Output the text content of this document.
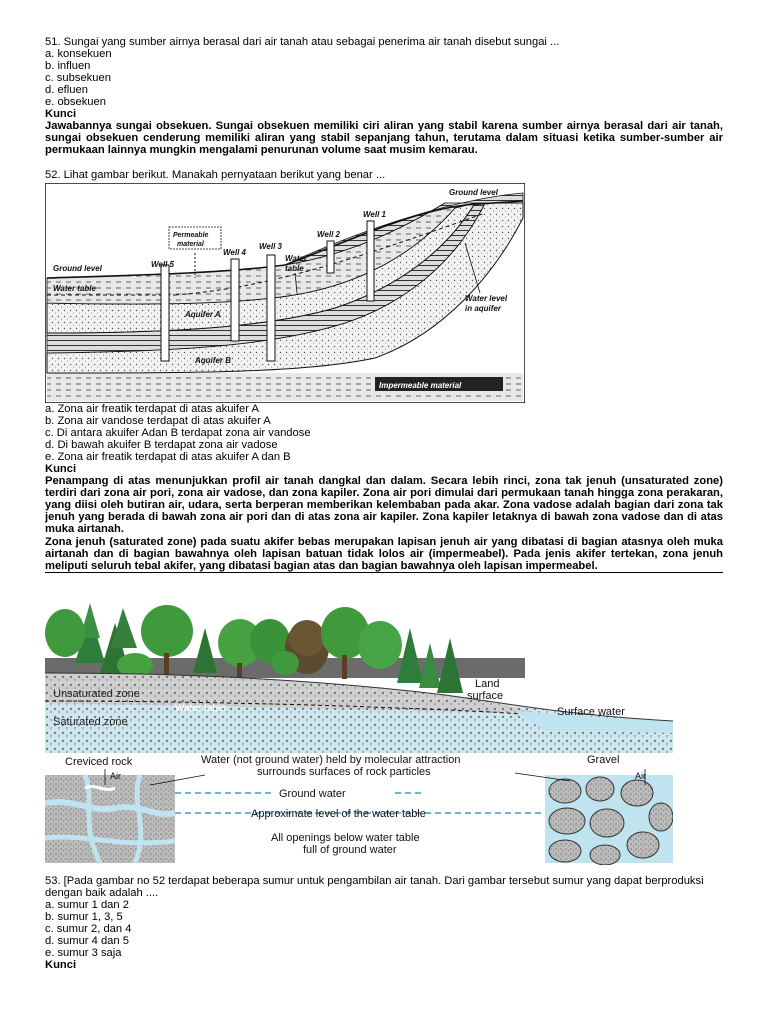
51. Sungai yang sumber airnya berasal dari air tanah atau sebagai penerima air tanah disebut sungai ...

a. konsekuen

b. influen

c. subsekuen

d. efluen

e. obsekuen

Kunci

Jawabannya sungai obsekuen. Sungai obsekuen memiliki ciri aliran yang stabil karena sumber airnya berasal dari air tanah, sungai obsekuen cenderung memiliki aliran yang stabil sepanjang tahun, terutama dalam situasi ketika sumber-sumber air permukaan lainnya mungkin mengalami penurunan volume saat musim kemarau.

52. Lihat gambar berikut. Manakah pernyataan berikut yang benar ...

Ground level
Ground level
Well 1
Well 2
Well 3
Well 4
Well 5
Permeable
material
Water table
Water
table
Aquifer A
Aquifer B
Water level
in aquifer
Impermeable material

a. Zona air freatik terdapat di atas akuifer A

b. Zona air vandose terdapat di atas akuifer A

c. Di antara akuifer Adan B terdapat zona air vandose

d. Di bawah akuifer B terdapat zona air vadose

e. Zona air freatik terdapat di atas akuifer A dan B

Kunci

Penampang di atas menunjukkan profil air tanah dangkal dan dalam. Secara lebih rinci, zona tak jenuh (unsaturated zone) terdiri dari zona air pori, zona air vadose, dan zona kapiler. Zona air pori dimulai dari permukaan tanah hingga zona perakaran, yang diisi oleh butiran air, udara, serta berperan memberikan kelembaban pada akar. Zona vadose adalah bagian dari zona tak jenuh yang berada di bawah zona air pori dan di atas zona air kapiler. Zona kapiler letaknya di bawah zona vadose dan di atas muka airtanah.

Zona jenuh (saturated zone) pada suatu akifer bebas merupakan lapisan jenuh air yang dibatasi di bagian atasnya oleh muka airtanah dan di bagian bawahnya oleh lapisan batuan tidak lolos air (impermeabel). Pada jenis akifer tertekan, zona jenuh meliputi seluruh tebal akifer, yang dibatasi bagian atas dan bagian bawahnya oleh lapisan impermeabel.

Unsaturated zone
Water table
Saturated zone
Land
surface
Surface water
Creviced rock
Air
Water (not ground water) held by molecular attraction
surrounds surfaces of rock particles
Gravel
Air
Ground water
Approximate level of the water table
All openings below water table
full of ground water

53. [Pada gambar no 52 terdapat beberapa sumur untuk pengambilan air tanah. Dari gambar tersebut sumur yang dapat berproduksi

dengan baik adalah ....

a. sumur 1 dan 2

b. sumur 1, 3, 5

c. sumur 2, dan 4

d. sumur 4 dan 5

e. sumur 3 saja

Kunci
